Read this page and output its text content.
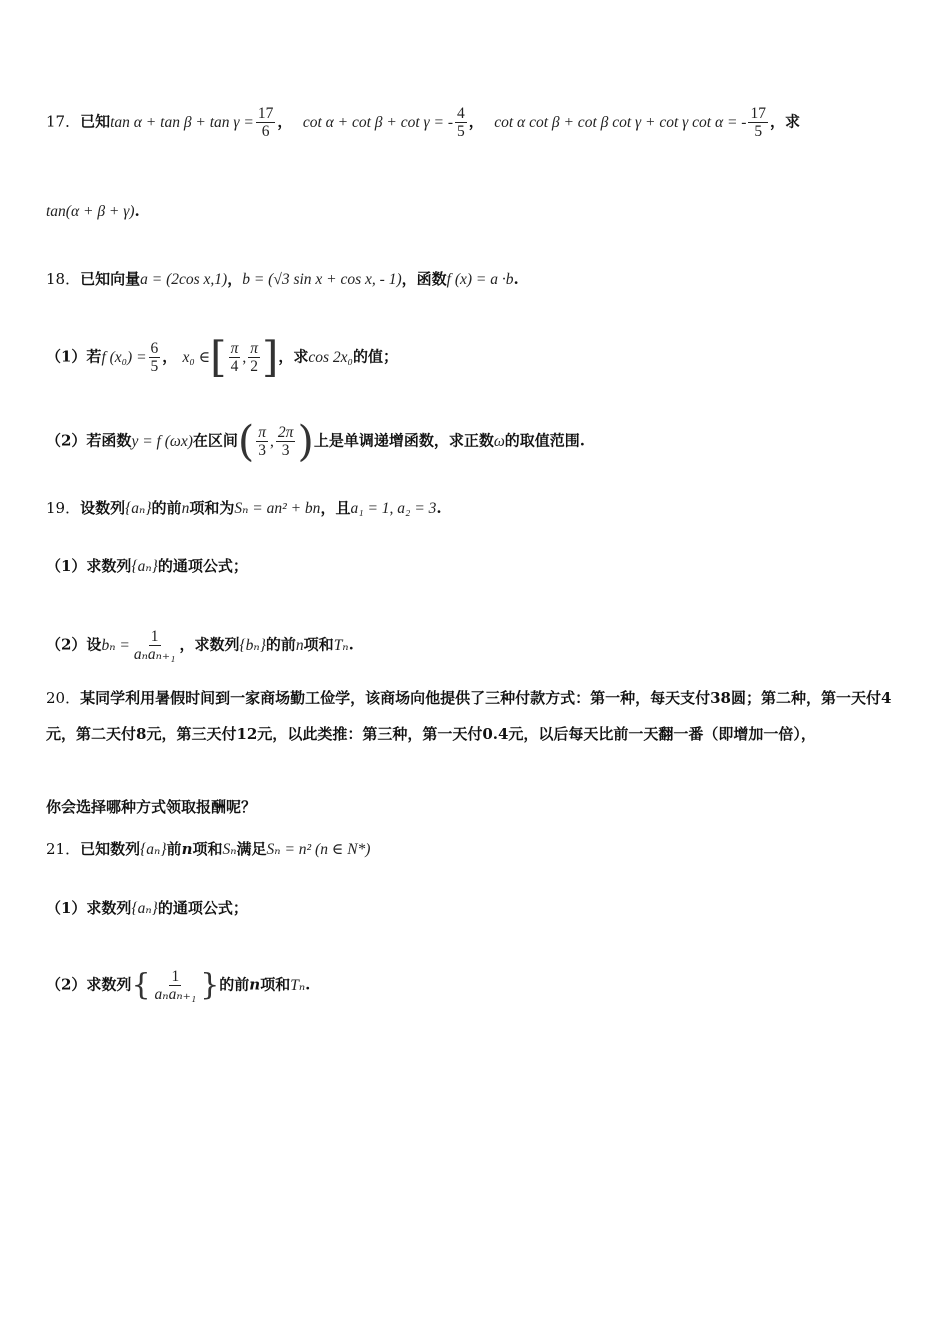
17．已知$\tan \alpha + \tan \beta + \tan \gamma = \frac{17}{6}$ ， cot α + cot β + cot γ = - $\frac{4}{5}$ ， cot α cot β + cot β cot γ + cot γ cot α = - $\frac{17}{5}$ ，求
tan(α + β + γ).
18．已知向量a = (2cos x,1)，b = (√3 sin x + cos x, - 1)，函数f (x) = a ·b.
（1）若f $(x_0) = \frac{6}{5}$ ， x₀ ∈[ $\frac{\pi}{4}$ , $\frac{\pi}{2}$ ]，求cos 2x₀的值；
（2）若函数y = f (ωx)在区间( $\frac{\pi}{3}$ , $\frac{2\pi}{3}$ )上是单调递增函数，求正数ω的取值范围.
19．设数列{aₙ}的前n项和为Sₙ = an² + bn，且a₁ = 1, a₂ = 3.
（1）求数列{aₙ}的通项公式；
（2）设$b_n = \frac{1}{\text{aₙaₙ₊₁}}$ ，求数列{bₙ}的前n项和Tₙ.
20．某同学利用暑假时间到一家商场勤工俭学，该商场向他提供了三种付款方式：第一种，每天支付38圆；第二种，第一天付4元，第二天付8元，第三天付12元，以此类推：第三种，第一天付0.4元，以后每天比前一天翻一番（即增加一倍），
你会选择哪种方式领取报酬呢？
21．已知数列{aₙ}前n项和Sₙ满足Sₙ = n² (n ∈ N*)
（1）求数列{aₙ}的通项公式；
（2）求数列{ $\frac{1}{\text{aₙaₙ₊₁}}$ }的前n项和Tₙ.
